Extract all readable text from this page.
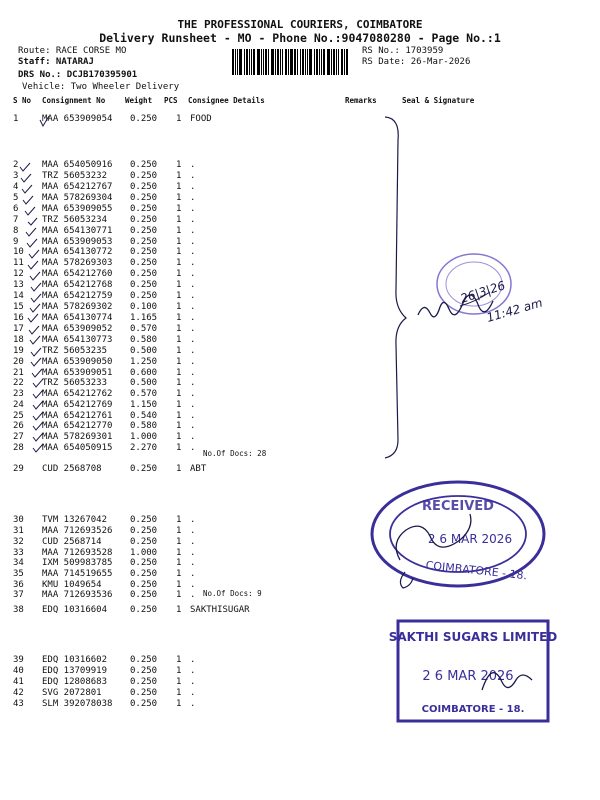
THE PROFESSIONAL COURIERS, COIMBATORE
Delivery Runsheet - MO - Phone No.:9047080280 - Page No.:1
Route: RACE CORSE MO
Staff: NATARAJ
DRS No.: DCJB170395901
Vehicle: Two Wheeler Delivery
RS No.: 1703959
RS Date: 26-Mar-2026
S No Consignment No	Weight PCS Consignee Details	Remarks	Seal & Signature
1	MAA 653909054 0.250 1 FOOD
2	MAA 654050916 0.250 1 .
3	TRZ 56053232	0.250 1 .
4	MAA 654212767 0.250 1 .
5	MAA 578269304 0.250 1 .
6	MAA 653909055 0.250 1 .
7	TRZ 56053234	0.250 1 .
8	MAA 654130771 0.250 1 .
9	MAA 653909053 0.250 1 .
10 MAA 654130772 0.250 1 .
11 MAA 578269303 0.250 1 .
12 MAA 654212760 0.250 1 .
13 MAA 654212768 0.250 1 .
14 MAA 654212759 0.250 1 .
15 MAA 578269302 0.100 1 .
16 MAA 654130774 1.165 1 .
17 MAA 653909052 0.570 1 .
18 MAA 654130773 0.580 1 .
19 TRZ 56053235	0.500 1 .
20 MAA 653909050 1.250 1 .
21 MAA 653909051 0.600 1 .
22 TRZ 56053233	0.500 1 .
23 MAA 654212762 0.570 1 .
24 MAA 654212769 1.150 1 .
25 MAA 654212761 0.540 1 .
26 MAA 654212770 0.580 1 .
27 MAA 578269301 1.000 1 .
28 MAA 654050915 2.270 1 .
29 CUD 2568708	0.250 1 ABT
30 TVM 13267042	0.250 1 .
31 MAA 712693526 0.250 1 .
32 CUD 2568714	0.250 1 .
33 MAA 712693528 1.000 1 .
34 IXM 509983785 0.250 1 .
35 MAA 714519655 0.250 1 .
36 KMU 1049654	0.250 1 .
37 MAA 712693536 0.250 1 .
38 EDQ 10316604	0.250 1 SAKTHISUGAR
39 EDQ 10316602	0.250 1 .
40 EDQ 13709919	0.250 1 .
41 EDQ 12808683	0.250 1 .
42 SVG 2072801	0.250 1 .
43 SLM 392078038 0.250 1 .
No.Of Docs: 28
No.Of Docs: 9
26|3|26
11:42 am
RECEIVED
2 6 MAR 2026
COIMBATORE - 18.
SAKTHI SUGARS LIMITED
2 6 MAR 2026
COIMBATORE - 18.
